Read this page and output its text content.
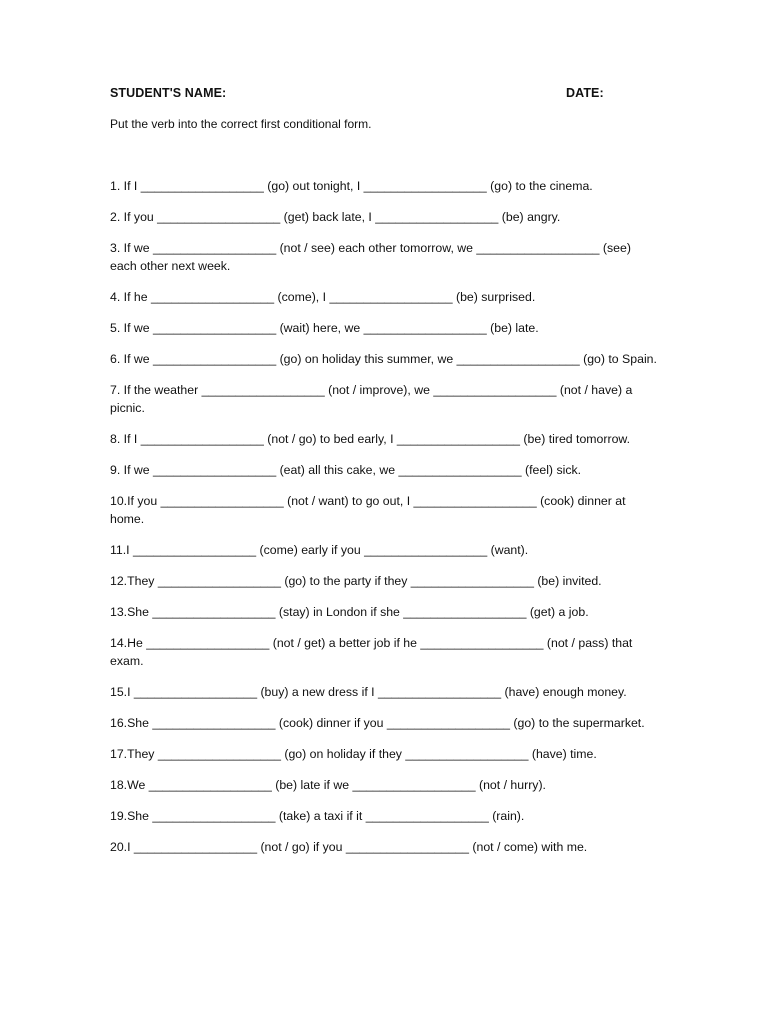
STUDENT'S NAME:	DATE:
Put the verb into the correct first conditional form.
1. If I __________________ (go) out tonight, I __________________ (go) to the cinema.
2. If you __________________ (get) back late, I __________________ (be) angry.
3. If we __________________ (not / see) each other tomorrow, we __________________ (see) each other next week.
4. If he __________________ (come), I __________________ (be) surprised.
5. If we __________________ (wait) here, we __________________ (be) late.
6. If we __________________ (go) on holiday this summer, we __________________ (go) to Spain.
7. If the weather __________________ (not / improve), we __________________ (not / have) a picnic.
8. If I __________________ (not / go) to bed early, I __________________ (be) tired tomorrow.
9. If we __________________ (eat) all this cake, we __________________ (feel) sick.
10.If you __________________ (not / want) to go out, I __________________ (cook) dinner at home.
11.I __________________ (come) early if you __________________ (want).
12.They __________________ (go) to the party if they __________________ (be) invited.
13.She __________________ (stay) in London if she __________________ (get) a job.
14.He __________________ (not / get) a better job if he __________________ (not / pass) that exam.
15.I __________________ (buy) a new dress if I __________________ (have) enough money.
16.She __________________ (cook) dinner if you __________________ (go) to the supermarket.
17.They __________________ (go) on holiday if they __________________ (have) time.
18.We __________________ (be) late if we __________________ (not / hurry).
19.She __________________ (take) a taxi if it __________________ (rain).
20.I __________________ (not / go) if you __________________ (not / come) with me.
